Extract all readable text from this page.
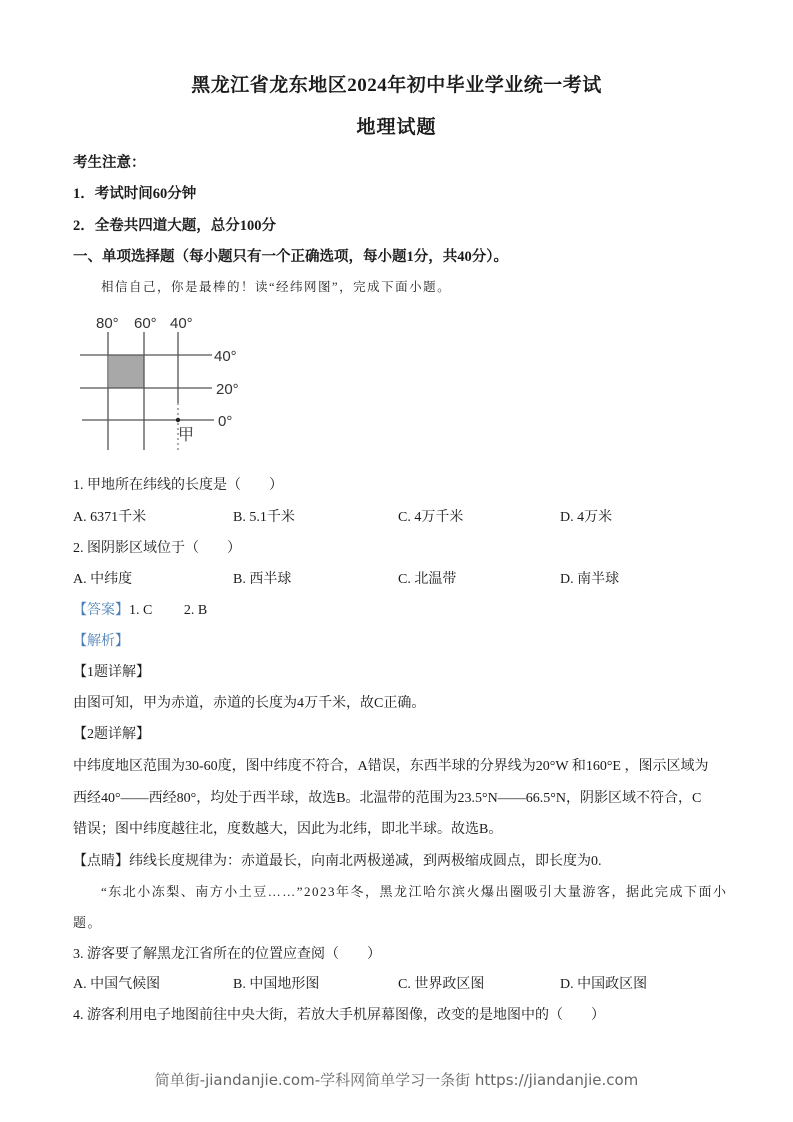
黑龙江省龙东地区2024年初中毕业学业统一考试
地理试题
考生注意：
1．考试时间60分钟
2．全卷共四道大题，总分100分
一、单项选择题（每小题只有一个正确选项，每小题1分，共40分）。
相信自己，你是最棒的！读“经纬网图”，完成下面小题。
80° 60° 40°
40°
20°
0°
甲
1. 甲地所在纬线的长度是（　　）
A. 6371千米	B. 5.1千米	C. 4万千米	D. 4万米
2. 图阴影区域位于（　　）
A. 中纬度	B. 西半球	C. 北温带	D. 南半球
【答案】1. C　　 2. B
【解析】
【1题详解】
由图可知，甲为赤道，赤道的长度为4万千米，故C正确。
【2题详解】
中纬度地区范围为30-60度，图中纬度不符合，A错误，东西半球的分界线为20°W 和160°E ，图示区域为
西经40°——西经80°，均处于西半球，故选B。北温带的范围为23.5°N——66.5°N，阴影区域不符合，C
错误；图中纬度越往北，度数越大，因此为北纬，即北半球。故选B。
【点睛】纬线长度规律为：赤道最长，向南北两极递减，到两极缩成圆点，即长度为0.
“东北小冻梨、南方小土豆……”2023年冬，黑龙江哈尔滨火爆出圈吸引大量游客，据此完成下面小
题。
3. 游客要了解黑龙江省所在的位置应查阅（　　）
A. 中国气候图	B. 中国地形图	C. 世界政区图	D. 中国政区图
4. 游客利用电子地图前往中央大街，若放大手机屏幕图像，改变的是地图中的（　　）
简单街-jiandanjie.com-学科网简单学习一条街 https://jiandanjie.com
